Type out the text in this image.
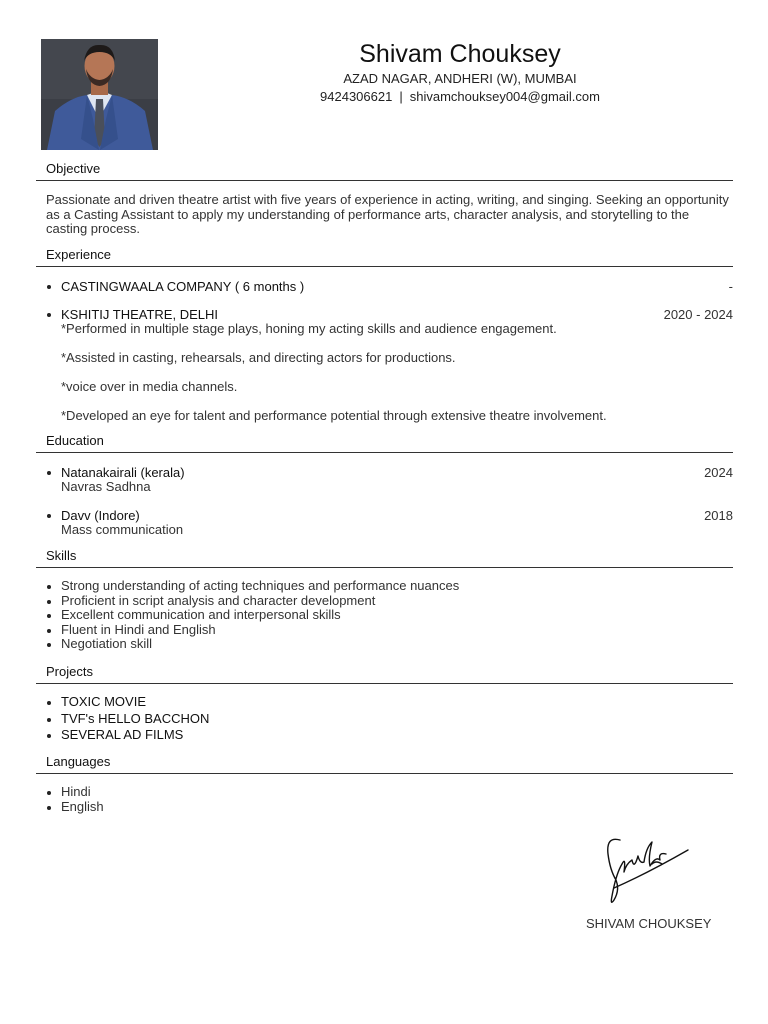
Shivam Chouksey
AZAD NAGAR, ANDHERI (W), MUMBAI
9424306621 | shivamchouksey004@gmail.com
Objective

Passionate and driven theatre artist with five years of experience in acting, writing, and singing. Seeking an opportunity as a Casting Assistant to apply my understanding of performance arts, character analysis, and storytelling to the casting process.

Experience
CASTINGWAALA COMPANY ( 6 months )	-
KSHITIJ THEATRE, DELHI	2020 - 2024

*Performed in multiple stage plays, honing my acting skills and audience engagement.

*Assisted in casting, rehearsals, and directing actors for productions.

*voice over in media channels.

*Developed an eye for talent and performance potential through extensive theatre involvement.

Education
Natanakairali (kerala)	2024
Navras Sadhna
Davv (Indore)	2018
Mass communication
Skills
Strong understanding of acting techniques and performance nuances
Proficient in script analysis and character development
Excellent communication and interpersonal skills
Fluent in Hindi and English
Negotiation skill
Projects
TOXIC MOVIE
TVF's HELLO BACCHON
SEVERAL AD FILMS
Languages
Hindi
English
SHIVAM CHOUKSEY
